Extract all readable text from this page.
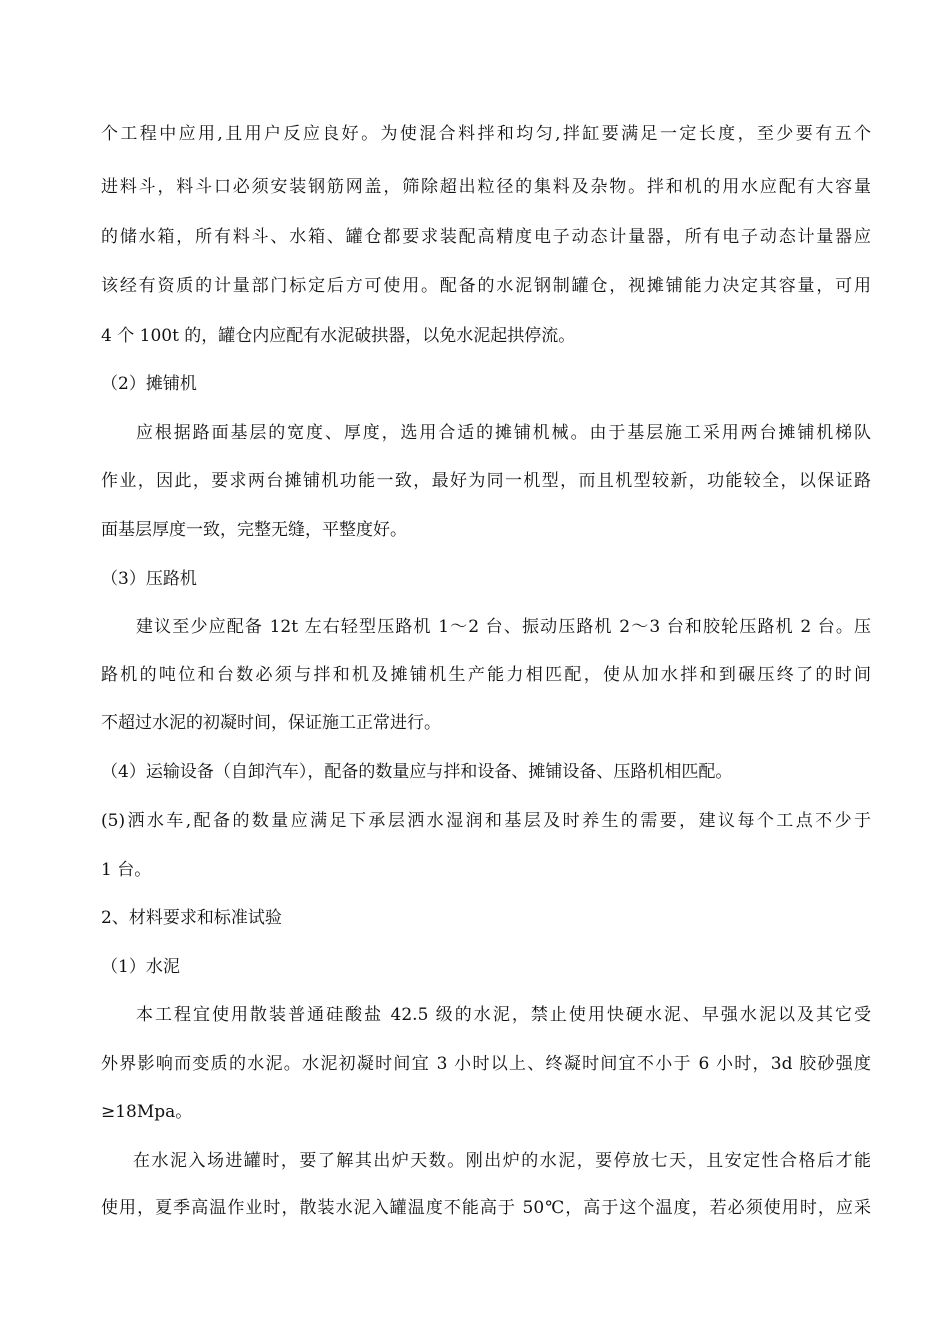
个工程中应用,且用户反应良好。为使混合料拌和均匀,拌缸要满足一定长度，至少要有五个
进料斗，料斗口必须安装钢筋网盖，筛除超出粒径的集料及杂物。拌和机的用水应配有大容量
的储水箱，所有料斗、水箱、罐仓都要求装配高精度电子动态计量器，所有电子动态计量器应
该经有资质的计量部门标定后方可使用。配备的水泥钢制罐仓，视摊铺能力决定其容量，可用
4 个 100t 的，罐仓内应配有水泥破拱器，以免水泥起拱停流。
（2）摊铺机
应根据路面基层的宽度、厚度，选用合适的摊铺机械。由于基层施工采用两台摊铺机梯队
作业，因此，要求两台摊铺机功能一致，最好为同一机型，而且机型较新，功能较全，以保证路
面基层厚度一致，完整无缝，平整度好。
（3）压路机
建议至少应配备 12t 左右轻型压路机 1～2 台、振动压路机 2～3 台和胶轮压路机 2 台。压
路机的吨位和台数必须与拌和机及摊铺机生产能力相匹配，使从加水拌和到碾压终了的时间
不超过水泥的初凝时间，保证施工正常进行。
（4）运输设备（自卸汽车），配备的数量应与拌和设备、摊铺设备、压路机相匹配。
(5)洒水车,配备的数量应满足下承层洒水湿润和基层及时养生的需要，建议每个工点不少于
1 台。
2、材料要求和标准试验
（1）水泥
本工程宜使用散装普通硅酸盐 42.5 级的水泥，禁止使用快硬水泥、早强水泥以及其它受
外界影响而变质的水泥。水泥初凝时间宜 3 小时以上、终凝时间宜不小于 6 小时，3d 胶砂强度
≥18Mpa。
在水泥入场进罐时，要了解其出炉天数。刚出炉的水泥，要停放七天，且安定性合格后才能
使用，夏季高温作业时，散装水泥入罐温度不能高于 50℃，高于这个温度，若必须使用时，应采
